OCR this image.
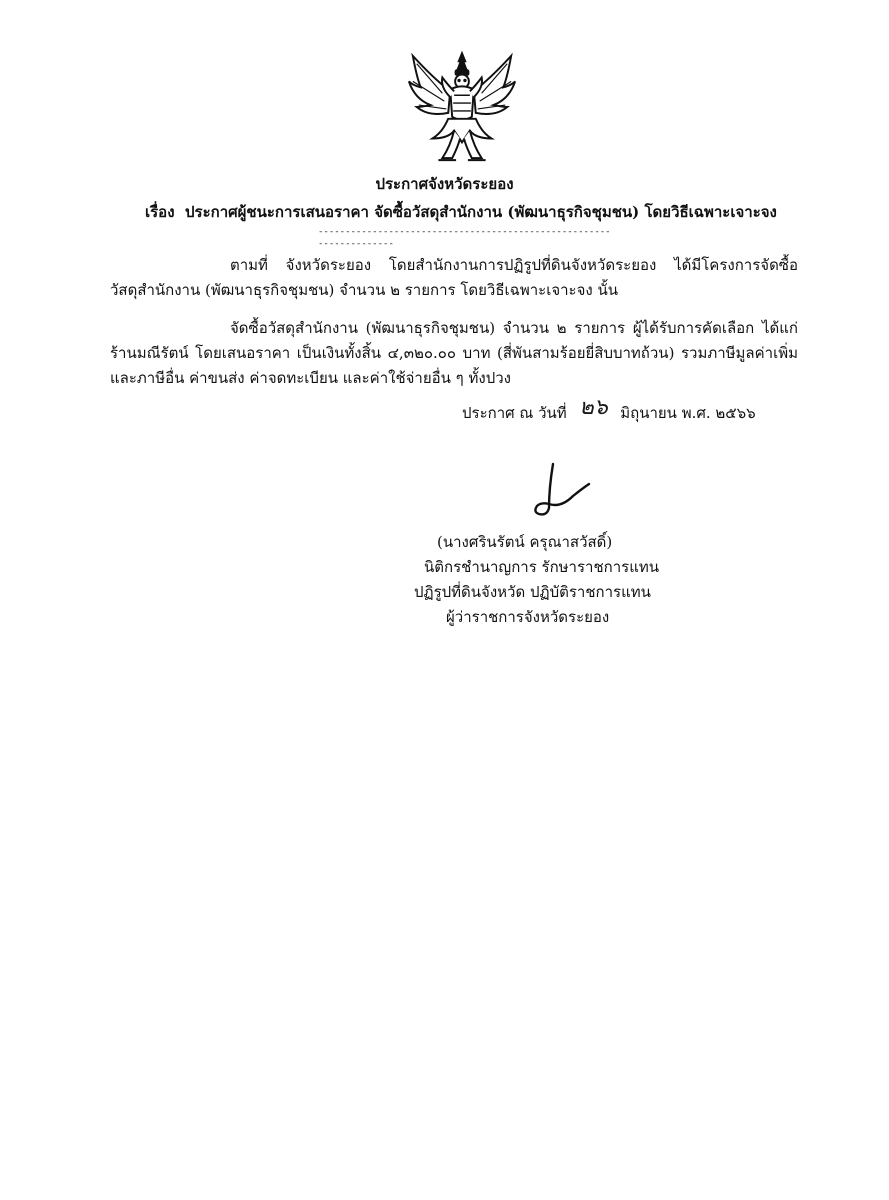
ประกาศจังหวัดระยอง
เรื่อง ประกาศผู้ชนะการเสนอราคา จัดซื้อวัสดุสำนักงาน (พัฒนาธุรกิจชุมชน) โดยวิธีเฉพาะเจาะจง
--------------------------------------------------------------------
ตามที่ จังหวัดระยอง โดยสำนักงานการปฏิรูปที่ดินจังหวัดระยอง ได้มีโครงการจัดซื้อ
วัสดุสำนักงาน (พัฒนาธุรกิจชุมชน) จำนวน ๒ รายการ โดยวิธีเฉพาะเจาะจง นั้น
จัดซื้อวัสดุสำนักงาน (พัฒนาธุรกิจชุมชน) จำนวน ๒ รายการ ผู้ได้รับการคัดเลือก ได้แก่
ร้านมณีรัตน์ โดยเสนอราคา เป็นเงินทั้งสิ้น ๔,๓๒๐.๐๐ บาท (สี่พันสามร้อยยี่สิบบาทถ้วน) รวมภาษีมูลค่าเพิ่ม
และภาษีอื่น ค่าขนส่ง ค่าจดทะเบียน และค่าใช้จ่ายอื่น ๆ ทั้งปวง
ประกาศ ณ วันที่ ๒๖ มิถุนายน พ.ศ. ๒๕๖๖
(นางศรินรัตน์ ครุณาสวัสดิ์)
นิติกรชำนาญการ รักษาราชการแทน
ปฏิรูปที่ดินจังหวัด ปฏิบัติราชการแทน
ผู้ว่าราชการจังหวัดระยอง
